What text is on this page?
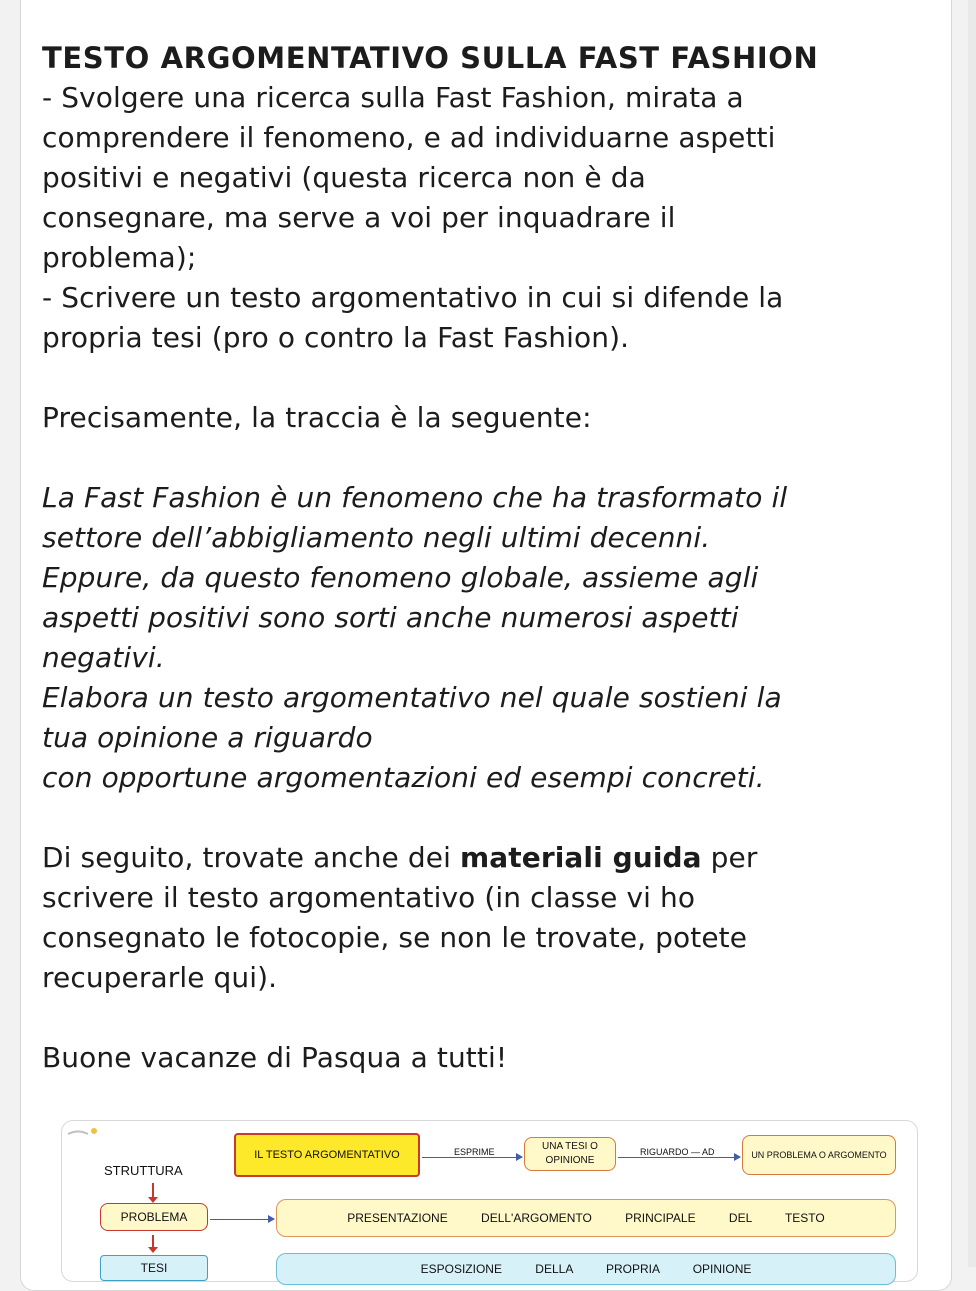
TESTO ARGOMENTATIVO SULLA FAST FASHION

- Svolgere una ricerca sulla Fast Fashion, mirata a

comprendere il fenomeno, e ad individuarne aspetti

positivi e negativi (questa ricerca non è da

consegnare, ma serve a voi per inquadrare il

problema);

- Scrivere un testo argomentativo in cui si difende la

propria tesi (pro o contro la Fast Fashion).

Precisamente, la traccia è la seguente:

La Fast Fashion è un fenomeno che ha trasformato il

settore dell’abbigliamento negli ultimi decenni.

Eppure, da questo fenomeno globale, assieme agli

aspetti positivi sono sorti anche numerosi aspetti

negativi.

Elabora un testo argomentativo nel quale sostieni la

tua opinione a riguardo

con opportune argomentazioni ed esempi concreti.

Di seguito, trovate anche dei materiali guida per

scrivere il testo argomentativo (in classe vi ho

consegnato le fotocopie, se non le trovate, potete

recuperarle qui).

Buone vacanze di Pasqua a tutti!

STRUTTURA
IL TESTO ARGOMENTATIVO	ESPRIME	UNA TESI O OPINIONE
RIGUARDO — AD	UN PROBLEMA O ARGOMENTO
PROBLEMA	PRESENTAZIONE DELL'ARGOMENTO PRINCIPALE DEL TESTO
TESI	ESPOSIZIONE DELLA PROPRIA OPINIONE
